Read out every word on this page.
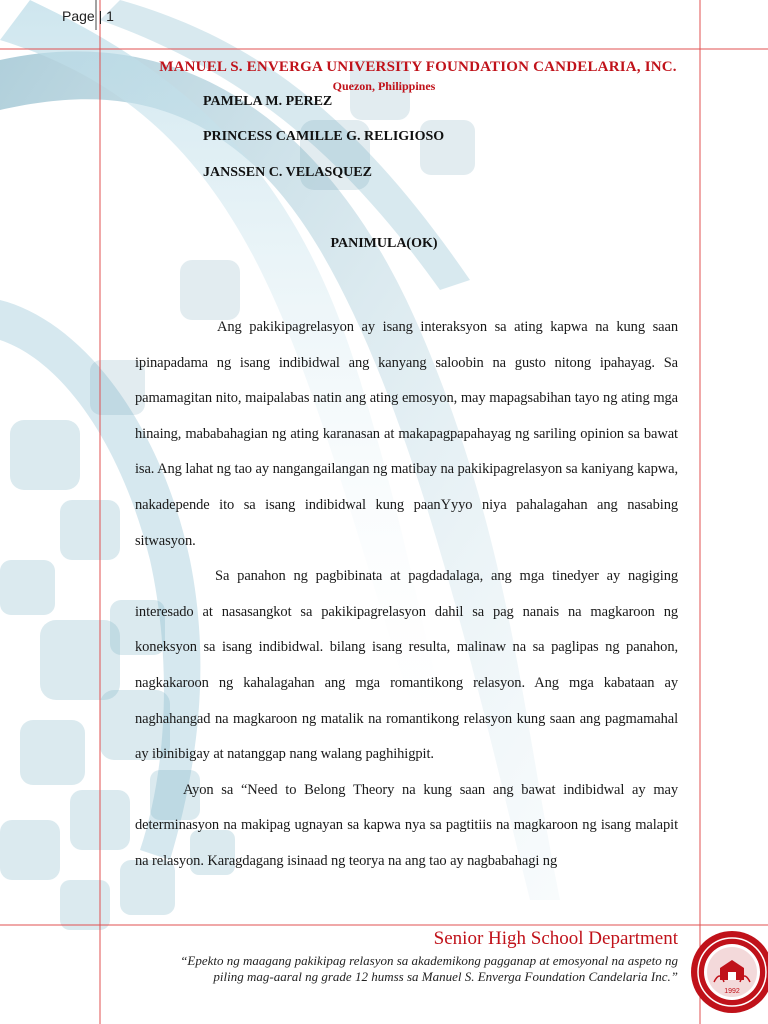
Page | 1
MANUEL S. ENVERGA UNIVERSITY FOUNDATION CANDELARIA, INC.
Quezon, Philippines
PAMELA M. PEREZ
PRINCESS CAMILLE G. RELIGIOSO
JANSSEN C. VELASQUEZ
PANIMULA(OK)

Ang pakikipagrelasyon ay isang interaksyon sa ating kapwa na kung saan ipinapadama ng isang indibidwal ang kanyang saloobin na gusto nitong ipahayag. Sa pamamagitan nito, maipalabas natin ang ating emosyon, may mapagsabihan tayo ng ating mga hinaing, mababahagian ng ating karanasan at makapagpapahayag ng sariling opinion sa bawat isa. Ang lahat ng tao ay nangangailangan ng matibay na pakikipagrelasyon sa kaniyang kapwa, nakadepende ito sa isang indibidwal kung paanYyyo niya pahalagahan ang nasabing sitwasyon.

Sa panahon ng pagbibinata at pagdadalaga, ang mga tinedyer ay nagiging interesado at nasasangkot sa pakikipagrelasyon dahil sa pag nanais na magkaroon ng koneksyon sa isang indibidwal. bilang isang resulta, malinaw na sa paglipas ng panahon, nagkakaroon ng kahalagahan ang mga romantikong relasyon. Ang mga kabataan ay naghahangad na magkaroon ng matalik na romantikong relasyon kung saan ang pagmamahal ay ibinibigay at natanggap nang walang paghihigpit.

Ayon sa “Need to Belong Theory na kung saan ang bawat indibidwal ay may determinasyon na makipag ugnayan sa kapwa nya sa pagtitiis na magkaroon ng isang malapit na relasyon. Karagdagang isinaad ng teorya na ang tao ay nagbabahagi ng

Senior High School Department
“Epekto ng maagang pakikipag relasyon sa akademikong pagganap at emosyonal na aspeto ng piling mag-aaral ng grade 12 humss sa Manuel S. Enverga Foundation Candelaria Inc.”
1992
